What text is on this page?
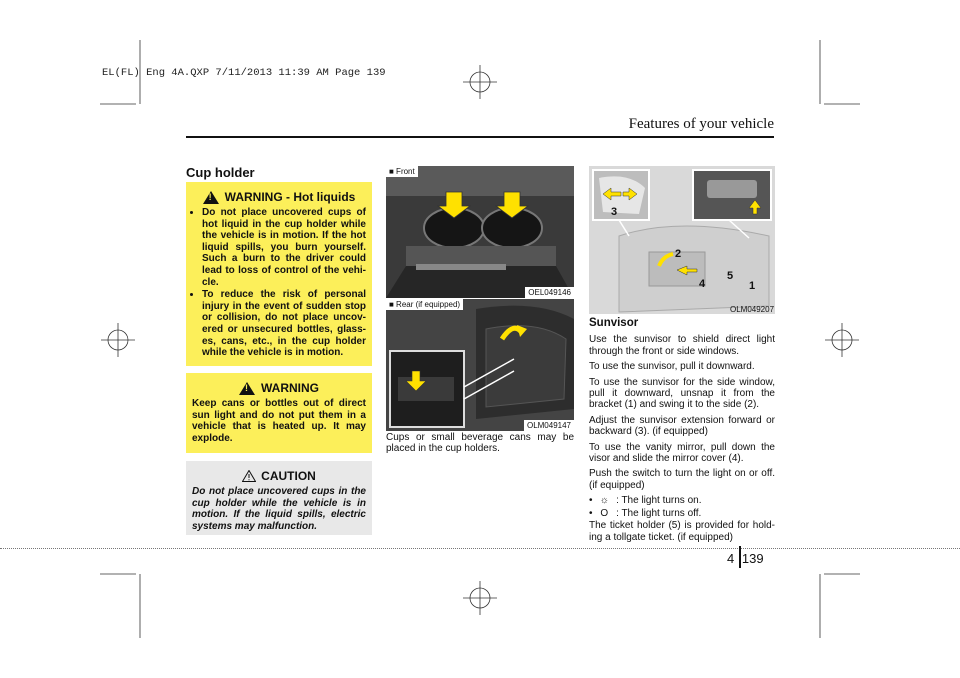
EL(FL) Eng 4A.QXP 7/11/2013 11:39 AM Page 139
Features of your vehicle
Cup holder
!
WARNING - Hot liquids
• Do not place uncovered cups of hot liquid in the cup holder while the vehicle is in motion. If the hot liquid spills, you burn yourself. Such a burn to the driver could lead to loss of control of the vehi-cle.
• To reduce the risk of personal injury in the event of sudden stop or collision, do not place uncov-ered or unsecured bottles, glass-es, cans, etc., in the cup holder while the vehicle is in motion.
!
WARNING

Keep cans or bottles out of direct sun light and do not put them in a vehicle that is heated up. It may explode.

CAUTION

Do not place uncovered cups in the cup holder while the vehicle is in motion. If the liquid spills, electric systems may malfunction.

■ Front
OEL049146
■ Rear (if equipped)
OLM049147

Cups or small beverage cans may be placed in the cup holders.

3
2
4
5
1
OLM049207
Sunvisor

Use the sunvisor to shield direct light through the front or side windows.

To use the sunvisor, pull it downward.

To use the sunvisor for the side window, pull it downward, unsnap it from the bracket (1) and swing it to the side (2).

Adjust the sunvisor extension forward or backward (3). (if equipped)

To use the vanity mirror, pull down the visor and slide the mirror cover (4).

Push the switch to turn the light on or off. (if equipped)

• ☼ : The light turns on.

• O : The light turns off.

The ticket holder (5) is provided for hold-ing a tollgate ticket. (if equipped)

4 139
